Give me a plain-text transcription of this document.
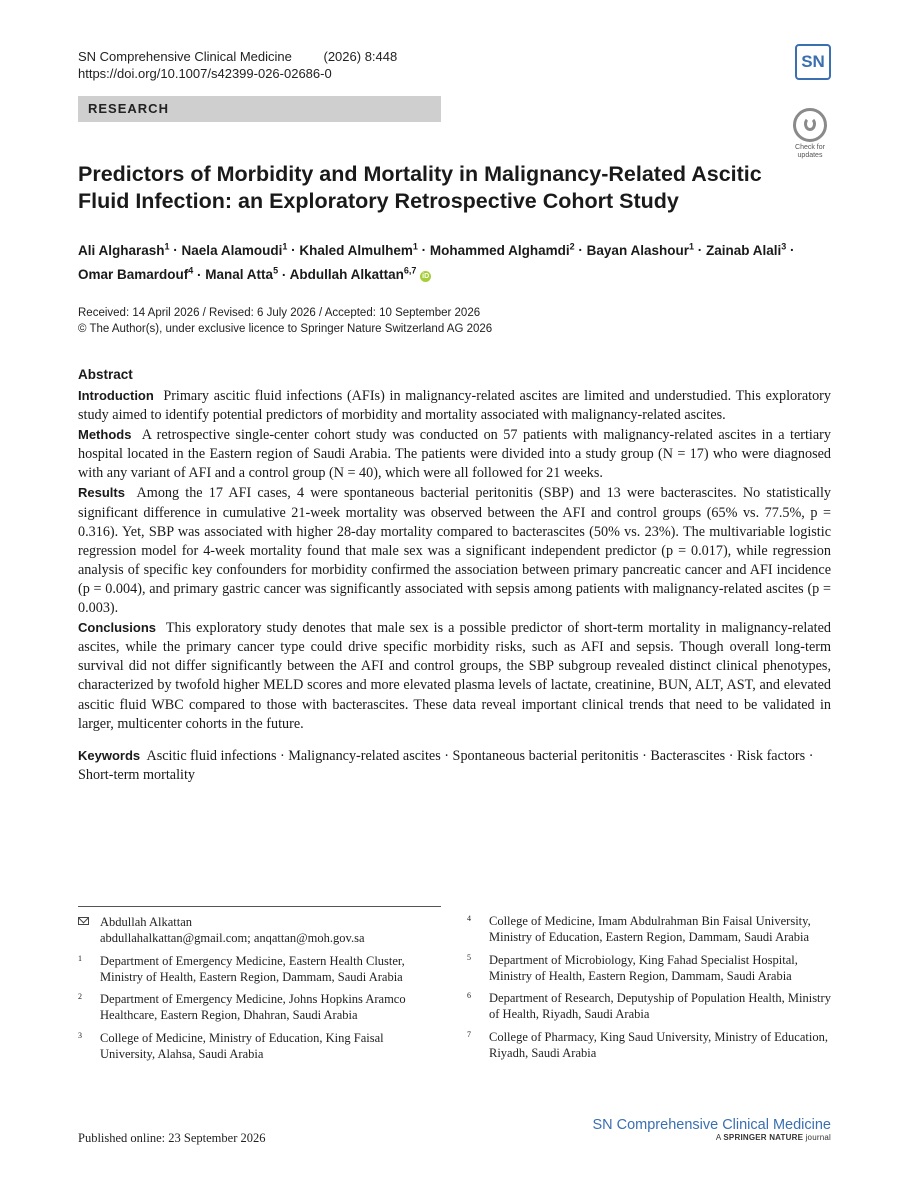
SN Comprehensive Clinical Medicine (2026) 8:448
https://doi.org/10.1007/s42399-026-02686-0
SN
RESEARCH
Check for updates
Predictors of Morbidity and Mortality in Malignancy-Related Ascitic Fluid Infection: an Exploratory Retrospective Cohort Study
Ali Algharash$^1$ · Naela Alamoudi$^1$ · Khaled Almulhem$^1$ · Mohammed Alghamdi$^2$ · Bayan Alashour$^1$ · Zainab Alali$^3$ ·
Omar Bamardouf$^4$ · Manal Atta$^5$ · Abdullah Alkattan$^{6,7}$ iD
Received: 14 April 2026 / Revised: 6 July 2026 / Accepted: 10 September 2026
© The Author(s), under exclusive licence to Springer Nature Switzerland AG 2026
Abstract

Introduction Primary ascitic fluid infections (AFIs) in malignancy-related ascites are limited and understudied. This exploratory study aimed to identify potential predictors of morbidity and mortality associated with malignancy-related ascites.

Methods A retrospective single-center cohort study was conducted on 57 patients with malignancy-related ascites in a tertiary hospital located in the Eastern region of Saudi Arabia. The patients were divided into a study group (N = 17) who were diagnosed with any variant of AFI and a control group (N = 40), which were all followed for 21 weeks.

Results Among the 17 AFI cases, 4 were spontaneous bacterial peritonitis (SBP) and 13 were bacterascites. No statistically significant difference in cumulative 21-week mortality was observed between the AFI and control groups (65% vs. 77.5%, p = 0.316). Yet, SBP was associated with higher 28-day mortality compared to bacterascites (50% vs. 23%). The multivariable logistic regression model for 4-week mortality found that male sex was a significant independent predictor (p = 0.017), while regression analysis of specific key confounders for morbidity confirmed the association between primary pancreatic cancer and AFI incidence (p = 0.004), and primary gastric cancer was significantly associated with sepsis among patients with malignancy-related ascites (p = 0.003).

Conclusions This exploratory study denotes that male sex is a possible predictor of short-term mortality in malignancy-related ascites, while the primary cancer type could drive specific morbidity risks, such as AFI and sepsis. Though overall long-term survival did not differ significantly between the AFI and control groups, the SBP subgroup revealed distinct clinical phenotypes, characterized by twofold higher MELD scores and more elevated plasma levels of lactate, creatinine, BUN, ALT, AST, and elevated ascitic fluid WBC compared to those with bacterascites. These data reveal important clinical trends that need to be validated in larger, multicenter cohorts in the future.

Keywords Ascitic fluid infections · Malignancy-related ascites · Spontaneous bacterial peritonitis · Bacterascites · Risk factors · Short-term mortality
Abdullah Alkattan
abdullahalkattan@gmail.com; anqattan@moh.gov.sa
1 Department of Emergency Medicine, Eastern Health Cluster, Ministry of Health, Eastern Region, Dammam, Saudi Arabia
2 Department of Emergency Medicine, Johns Hopkins Aramco Healthcare, Eastern Region, Dhahran, Saudi Arabia
3 College of Medicine, Ministry of Education, King Faisal University, Alahsa, Saudi Arabia
4 College of Medicine, Imam Abdulrahman Bin Faisal University, Ministry of Education, Eastern Region, Dammam, Saudi Arabia
5 Department of Microbiology, King Fahad Specialist Hospital, Ministry of Health, Eastern Region, Dammam, Saudi Arabia
6 Department of Research, Deputyship of Population Health, Ministry of Health, Riyadh, Saudi Arabia
7 College of Pharmacy, King Saud University, Ministry of Education, Riyadh, Saudi Arabia
Published online: 23 September 2026
SN Comprehensive Clinical Medicine
A SPRINGER NATURE journal
